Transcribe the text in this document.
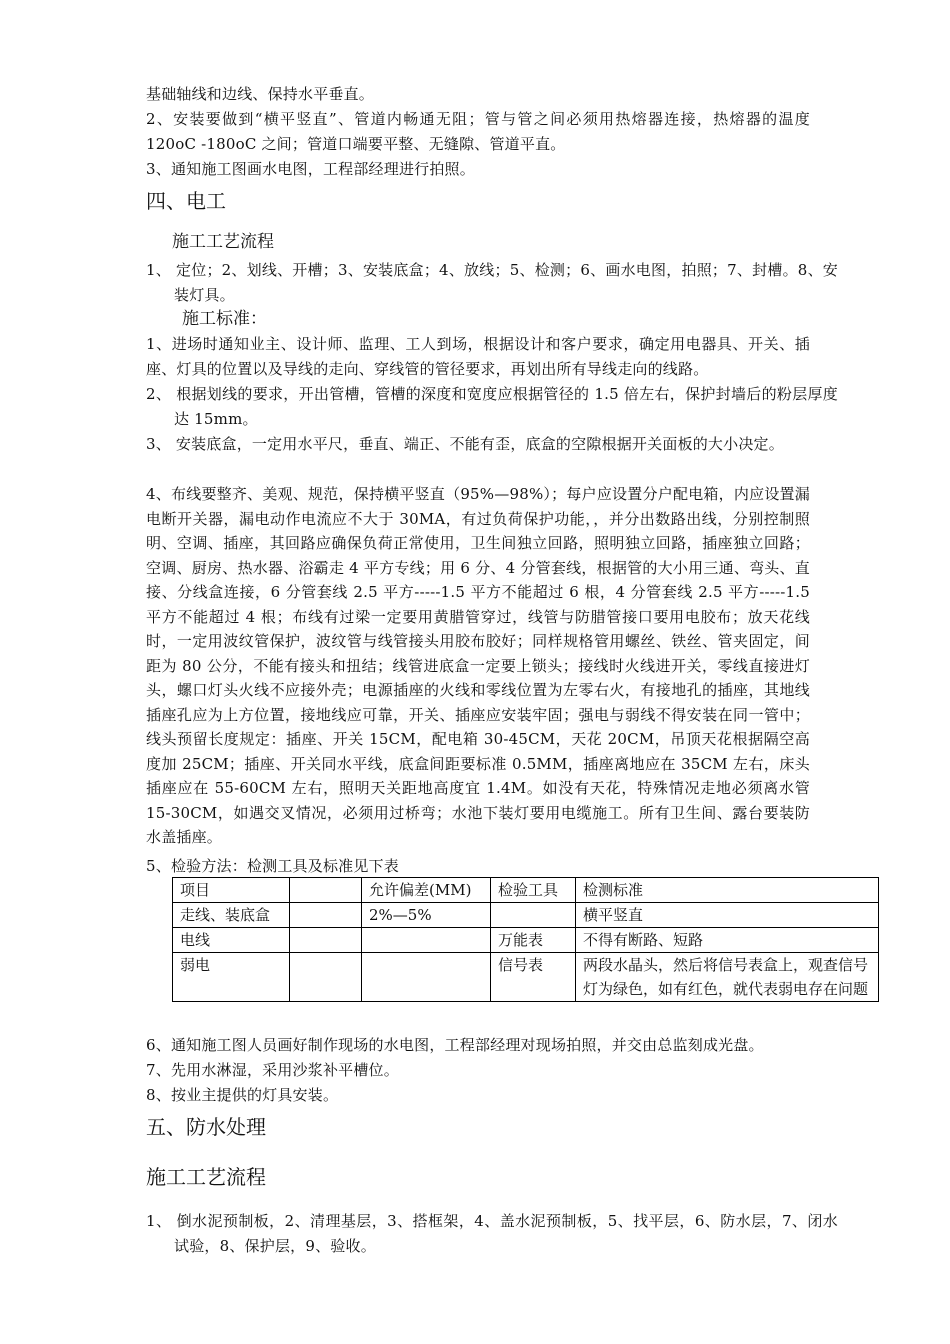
基础轴线和边线、保持水平垂直。
2、安装要做到“横平竖直”、管道内畅通无阻；管与管之间必须用热熔器连接，热熔器的温度 120oC -180oC 之间；管道口端要平整、无缝隙、管道平直。
3、通知施工图画水电图，工程部经理进行拍照。
四、电工
施工工艺流程
1、 定位；2、划线、开槽；3、安装底盒；4、放线；5、检测；6、画水电图，拍照；7、封槽。8、安装灯具。
施工标准：
1、进场时通知业主、设计师、监理、工人到场，根据设计和客户要求，确定用电器具、开关、插座、灯具的位置以及导线的走向、穿线管的管径要求，再划出所有导线走向的线路。
2、 根据划线的要求，开出管槽，管槽的深度和宽度应根据管径的 1.5 倍左右，保护封墙后的粉层厚度达 15mm。
3、 安装底盒，一定用水平尺，垂直、端正、不能有歪，底盒的空隙根据开关面板的大小决定。
4、布线要整齐、美观、规范，保持横平竖直（95%—98%）；每户应设置分户配电箱，内应设置漏电断开关器，漏电动作电流应不大于 30MA，有过负荷保护功能，，并分出数路出线，分别控制照明、空调、插座，其回路应确保负荷正常使用，卫生间独立回路，照明独立回路，插座独立回路；空调、厨房、热水器、浴霸走 4 平方专线；用 6 分、4 分管套线，根据管的大小用三通、弯头、直接、分线盒连接，6 分管套线 2.5 平方-----1.5 平方不能超过 6 根，4 分管套线 2.5 平方-----1.5 平方不能超过 4 根；布线有过梁一定要用黄腊管穿过，线管与防腊管接口要用电胶布；放天花线时，一定用波纹管保护，波纹管与线管接头用胶布胶好；同样规格管用螺丝、铁丝、管夹固定，间距为 80 公分，不能有接头和扭结；线管进底盒一定要上锁头；接线时火线进开关，零线直接进灯头，螺口灯头火线不应接外壳；电源插座的火线和零线位置为左零右火，有接地孔的插座，其地线插座孔应为上方位置，接地线应可靠，开关、插座应安装牢固；强电与弱线不得安装在同一管中；线头预留长度规定：插座、开关 15CM，配电箱 30-45CM，天花 20CM，吊顶天花根据隔空高度加 25CM；插座、开关同水平线，底盒间距要标准 0.5MM，插座离地应在 35CM 左右，床头插座应在 55-60CM 左右，照明天关距地高度宜 1.4M。如没有天花，特殊情况走地必须离水管 15-30CM，如遇交叉情况，必须用过桥弯；水池下装灯要用电缆施工。所有卫生间、露台要装防水盖插座。
5、检验方法：检测工具及标准见下表
项目		允许偏差(MM)	检验工具	检测标准
走线、装底盒		2%—5%		横平竖直
电线			万能表	不得有断路、短路
弱电			信号表	两段水晶头，然后将信号表盒上，观查信号灯为绿色，如有红色，就代表弱电存在问题
6、通知施工图人员画好制作现场的水电图，工程部经理对现场拍照，并交由总监刻成光盘。
7、先用水淋湿，采用沙浆补平槽位。
8、按业主提供的灯具安装。
五、防水处理
施工工艺流程
1、 倒水泥预制板，2、清理基层，3、搭框架，4、盖水泥预制板，5、找平层，6、防水层，7、闭水试验，8、保护层，9、验收。
